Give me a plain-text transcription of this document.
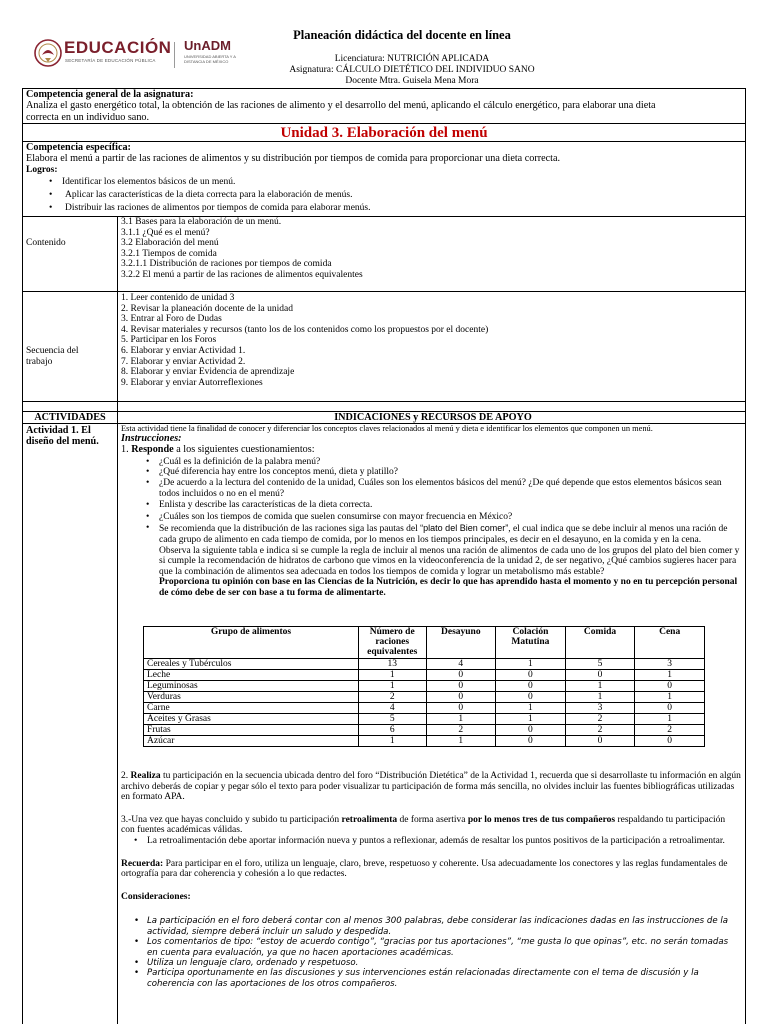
EDUCACIÓN
SECRETARÍA DE EDUCACIÓN PÚBLICA
UnADM
UNIVERSIDAD ABIERTA Y A DISTANCIA DE MÉXICO
Planeación didáctica del docente en línea
Licenciatura: NUTRICIÓN APLICADA
Asignatura: CÁLCULO DIETÉTICO DEL INDIVIDUO SANO
Docente Mtra. Guisela Mena Mora
Competencia general de la asignatura:
Analiza el gasto energético total, la obtención de las raciones de alimento y el desarrollo del menú, aplicando el cálculo energético, para elaborar una dieta
correcta en un individuo sano.
Unidad 3. Elaboración del menú
Competencia específica:
Elabora el menú a partir de las raciones de alimentos y su distribución por tiempos de comida para proporcionar una dieta correcta.
Logros:
• Identificar los elementos básicos de un menú.
• Aplicar las características de la dieta correcta para la elaboración de menús.
• Distribuir las raciones de alimentos por tiempos de comida para elaborar menús.
Contenido
3.1 Bases para la elaboración de un menú.
3.1.1 ¿Qué es el menú?
3.2 Elaboración del menú
3.2.1 Tiempos de comida
3.2.1.1 Distribución de raciones por tiempos de comida
3.2.2 El menú a partir de las raciones de alimentos equivalentes
Secuencia del
trabajo
1. Leer contenido de unidad 3
2. Revisar la planeación docente de la unidad
3. Entrar al Foro de Dudas
4. Revisar materiales y recursos (tanto los de los contenidos como los propuestos por el docente)
5. Participar en los Foros
6. Elaborar y enviar Actividad 1.
7. Elaborar y enviar Actividad 2.
8. Elaborar y enviar Evidencia de aprendizaje
9. Elaborar y enviar Autorreflexiones
ACTIVIDADES	INDICACIONES y RECURSOS DE APOYO
Actividad 1. El
diseño del menú.
Esta actividad tiene la finalidad de conocer y diferenciar los conceptos claves relacionados al menú y dieta e identificar los elementos que componen un menú.
Instrucciones:
1. Responde a los siguientes cuestionamientos:
• ¿Cuál es la definición de la palabra menú?
• ¿Qué diferencia hay entre los conceptos menú, dieta y platillo?
• ¿De acuerdo a la lectura del contenido de la unidad, Cuáles son los elementos básicos del menú? ¿De qué depende que estos elementos básicos sean todos incluidos o no en el menú?
• Enlista y describe las características de la dieta correcta.
• ¿Cuáles son los tiempos de comida que suelen consumirse con mayor frecuencia en México?
• Se recomienda que la distribución de las raciones siga las pautas del “plato del Bien comer”, el cual indica que se debe incluir al menos una ración de cada grupo de alimento en cada tiempo de comida, por lo menos en los tiempos principales, es decir en el desayuno, en la comida y en la cena.
Observa la siguiente tabla e indica si se cumple la regla de incluir al menos una ración de alimentos de cada uno de los grupos del plato del bien comer y si cumple la recomendación de hidratos de carbono que vimos en la videoconferencia de la unidad 2, de ser negativo, ¿Qué cambios sugieres hacer para que la combinación de alimentos sea adecuada en todos los tiempos de comida y lograr un metabolismo más estable?
Proporciona tu opinión con base en las Ciencias de la Nutrición, es decir lo que has aprendido hasta el momento y no en tu percepción personal de cómo debe de ser con base a tu forma de alimentarte.
Grupo de alimentos	Número de raciones equivalentes	Desayuno	Colación Matutina	Comida	Cena
Cereales y Tubérculos	13	4	1	5	3
Leche	1	0	0	0	1
Leguminosas	1	0	0	1	0
Verduras	2	0	0	1	1
Carne	4	0	1	3	0
Aceites y Grasas	5	1	1	2	1
Frutas	6	2	0	2	2
Azúcar	1	1	0	0	0
2. Realiza tu participación en la secuencia ubicada dentro del foro “Distribución Dietética” de la Actividad 1, recuerda que si desarrollaste tu información en algún archivo deberás de copiar y pegar sólo el texto para poder visualizar tu participación de forma más sencilla, no olvides incluir las fuentes bibliográficas utilizadas en formato APA.
3.-Una vez que hayas concluido y subido tu participación retroalimenta de forma asertiva por lo menos tres de tus compañeros respaldando tu participación con fuentes académicas válidas.
• La retroalimentación debe aportar información nueva y puntos a reflexionar, además de resaltar los puntos positivos de la participación a retroalimentar.
Recuerda: Para participar en el foro, utiliza un lenguaje, claro, breve, respetuoso y coherente. Usa adecuadamente los conectores y las reglas fundamentales de ortografía para dar coherencia y cohesión a lo que redactes.
Consideraciones:
• La participación en el foro deberá contar con al menos 300 palabras, debe considerar las indicaciones dadas en las instrucciones de la actividad, siempre deberá incluir un saludo y despedida.
• Los comentarios de tipo: “estoy de acuerdo contigo”, “gracias por tus aportaciones”, “me gusta lo que opinas”, etc. no serán tomadas en cuenta para evaluación, ya que no hacen aportaciones académicas.
• Utiliza un lenguaje claro, ordenado y respetuoso.
• Participa oportunamente en las discusiones y sus intervenciones están relacionadas directamente con el tema de discusión y la coherencia con las aportaciones de los otros compañeros.
